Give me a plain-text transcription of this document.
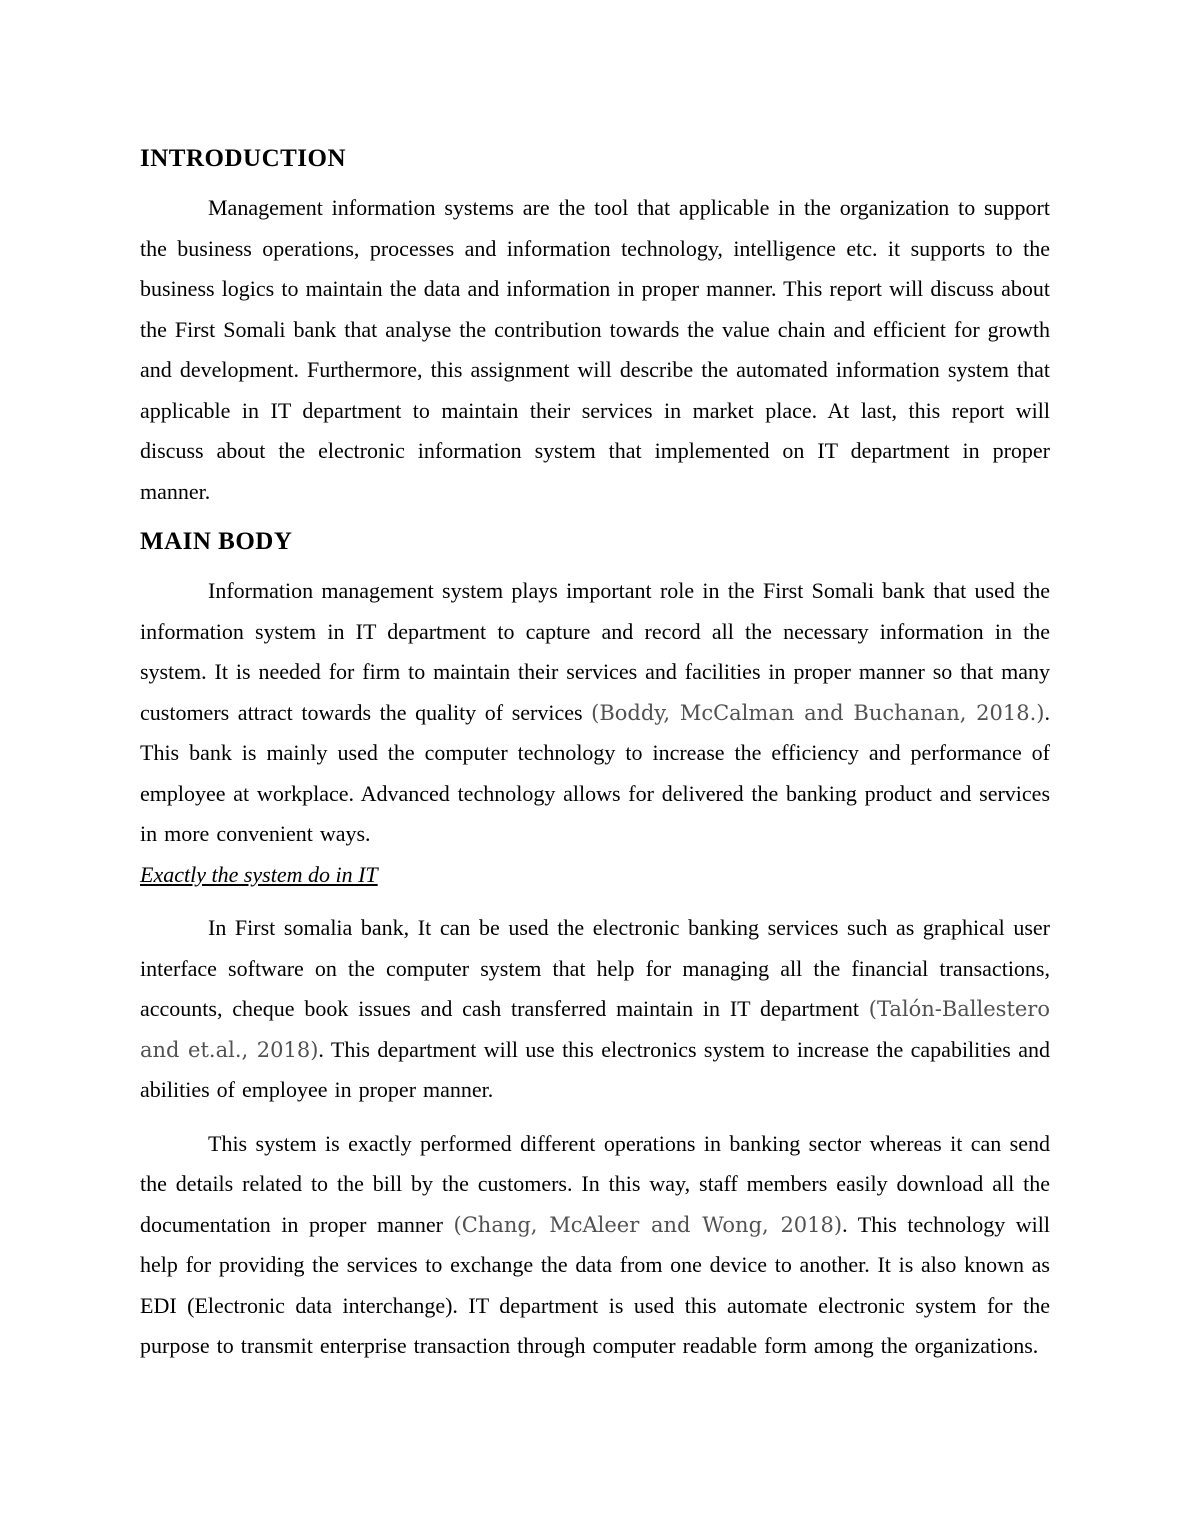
INTRODUCTION

Management information systems are the tool that applicable in the organization to support the business operations, processes and information technology, intelligence etc. it supports to the business logics to maintain the data and information in proper manner. This report will discuss about the First Somali bank that analyse the contribution towards the value chain and efficient for growth and development. Furthermore, this assignment will describe the automated information system that applicable in IT department to maintain their services in market place. At last, this report will discuss about the electronic information system that implemented on IT department in proper manner.

MAIN BODY

Information management system plays important role in the First Somali bank that used the information system in IT department to capture and record all the necessary information in the system. It is needed for firm to maintain their services and facilities in proper manner so that many customers attract towards the quality of services (Boddy, McCalman and Buchanan, 2018.). This bank is mainly used the computer technology to increase the efficiency and performance of employee at workplace. Advanced technology allows for delivered the banking product and services in more convenient ways.

Exactly the system do in IT

In First somalia bank, It can be used the electronic banking services such as graphical user interface software on the computer system that help for managing all the financial transactions, accounts, cheque book issues and cash transferred maintain in IT department (Talón-Ballestero and et.al., 2018). This department will use this electronics system to increase the capabilities and abilities of employee in proper manner.

This system is exactly performed different operations in banking sector whereas it can send the details related to the bill by the customers. In this way, staff members easily download all the documentation in proper manner (Chang, McAleer and Wong, 2018). This technology will help for providing the services to exchange the data from one device to another. It is also known as EDI (Electronic data interchange). IT department is used this automate electronic system for the purpose to transmit enterprise transaction through computer readable form among the organizations.
